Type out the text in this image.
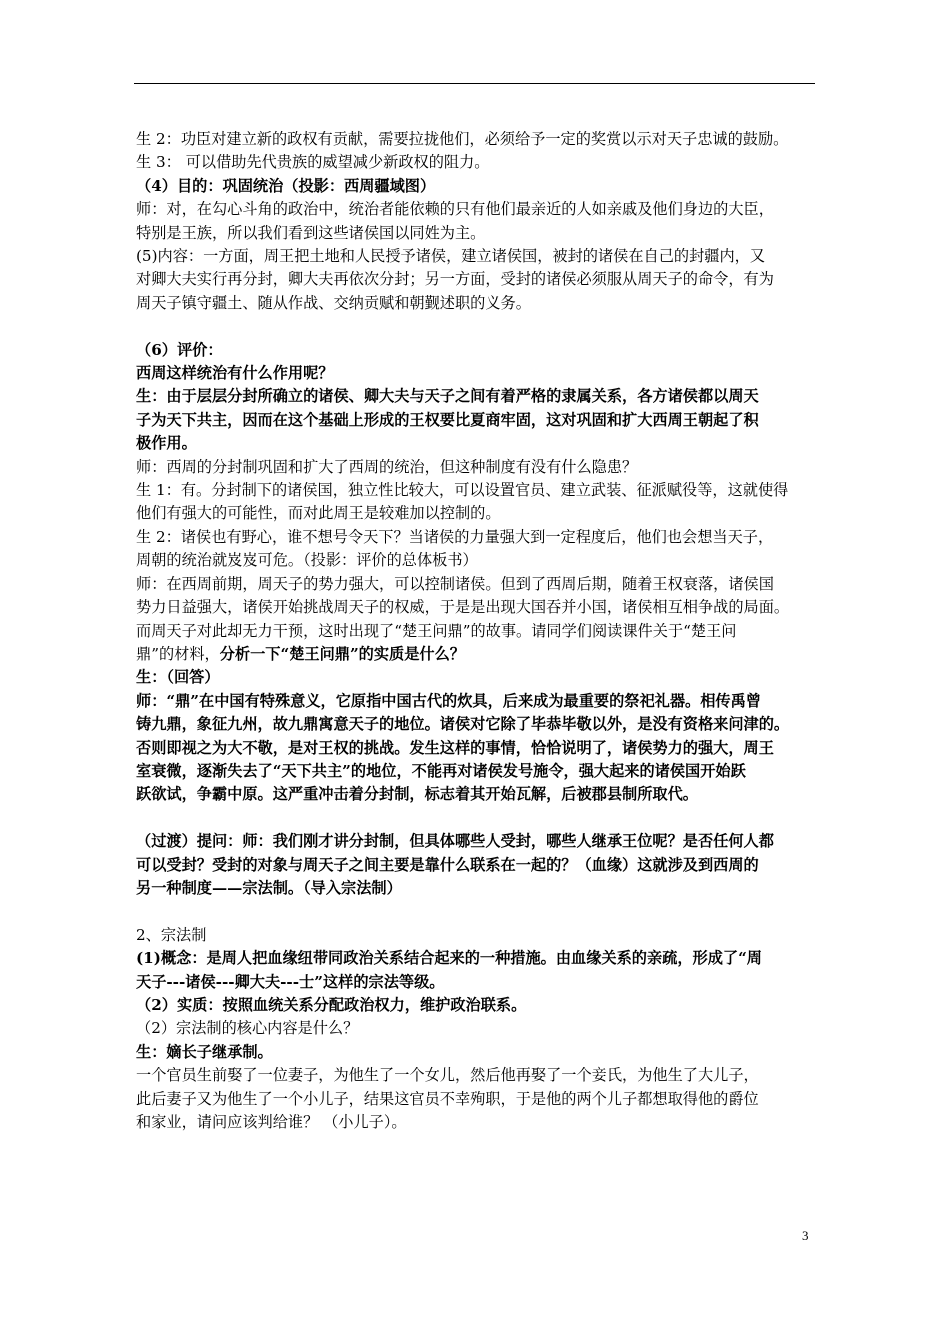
生 2：功臣对建立新的政权有贡献，需要拉拢他们，必须给予一定的奖赏以示对天子忠诚的鼓励。

生 3： 可以借助先代贵族的威望减少新政权的阻力。

（4）目的：巩固统治（投影：西周疆域图）

师：对，在勾心斗角的政治中，统治者能依赖的只有他们最亲近的人如亲戚及他们身边的大臣，

特别是王族，所以我们看到这些诸侯国以同姓为主。

(5)内容：一方面，周王把土地和人民授予诸侯，建立诸侯国，被封的诸侯在自己的封疆内，又

对卿大夫实行再分封，卿大夫再依次分封；另一方面，受封的诸侯必须服从周天子的命令，有为

周天子镇守疆土、随从作战、交纳贡赋和朝觐述职的义务。

（6）评价：

西周这样统治有什么作用呢？

生：由于层层分封所确立的诸侯、卿大夫与天子之间有着严格的隶属关系，各方诸侯都以周天

子为天下共主，因而在这个基础上形成的王权要比夏商牢固，这对巩固和扩大西周王朝起了积

极作用。

师：西周的分封制巩固和扩大了西周的统治，但这种制度有没有什么隐患？

生 1：有。分封制下的诸侯国，独立性比较大，可以设置官员、建立武装、征派赋役等，这就使得

他们有强大的可能性，而对此周王是较难加以控制的。

生 2：诸侯也有野心，谁不想号令天下？当诸侯的力量强大到一定程度后，他们也会想当天子，

周朝的统治就岌岌可危。（投影：评价的总体板书）

师：在西周前期，周天子的势力强大，可以控制诸侯。但到了西周后期，随着王权衰落，诸侯国

势力日益强大，诸侯开始挑战周天子的权威，于是是出现大国吞并小国，诸侯相互相争战的局面。

而周天子对此却无力干预，这时出现了“楚王问鼎”的故事。请同学们阅读课件关于“楚王问

鼎”的材料，分析一下“楚王问鼎”的实质是什么？

生：（回答）

师：“鼎”在中国有特殊意义，它原指中国古代的炊具，后来成为最重要的祭祀礼器。相传禹曾

铸九鼎，象征九州，故九鼎寓意天子的地位。诸侯对它除了毕恭毕敬以外，是没有资格来问津的。

否则即视之为大不敬，是对王权的挑战。发生这样的事情，恰恰说明了，诸侯势力的强大，周王

室衰微，逐渐失去了“天下共主”的地位，不能再对诸侯发号施令，强大起来的诸侯国开始跃

跃欲试，争霸中原。这严重冲击着分封制，标志着其开始瓦解，后被郡县制所取代。

（过渡）提问：师：我们刚才讲分封制，但具体哪些人受封，哪些人继承王位呢？是否任何人都

可以受封？受封的对象与周天子之间主要是靠什么联系在一起的？（血缘）这就涉及到西周的

另一种制度——宗法制。（导入宗法制）

2、宗法制

(1)概念：是周人把血缘纽带同政治关系结合起来的一种措施。由血缘关系的亲疏，形成了“周

天子---诸侯---卿大夫---士”这样的宗法等级。

（2）实质：按照血统关系分配政治权力，维护政治联系。

（2）宗法制的核心内容是什么？

生：嫡长子继承制。

一个官员生前娶了一位妻子，为他生了一个女儿，然后他再娶了一个妾氏，为他生了大儿子，

此后妻子又为他生了一个小儿子，结果这官员不幸殉职，于是他的两个儿子都想取得他的爵位

和家业，请问应该判给谁？ （小儿子）。

3
